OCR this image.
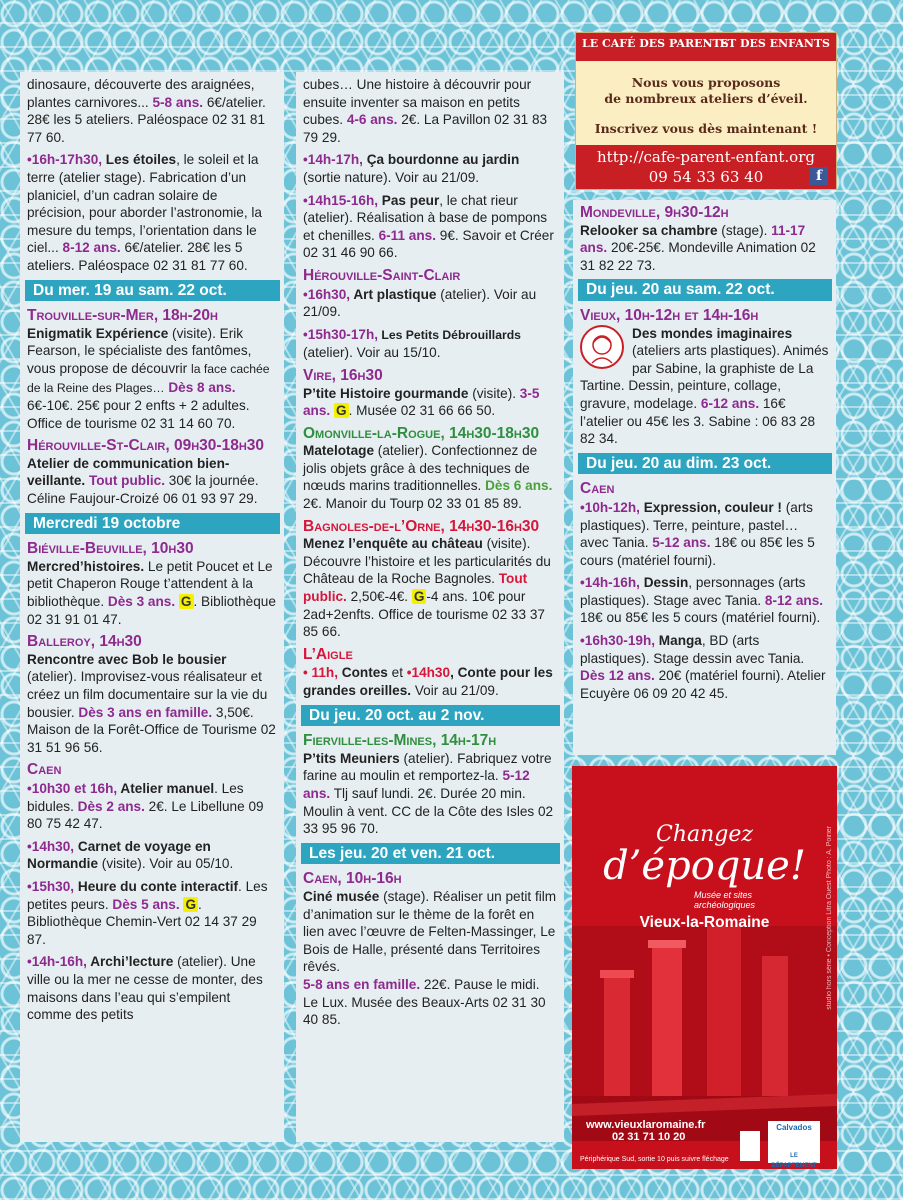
dinosaure, découverte des araignées, plantes carnivores... 5-8 ans. 6€/atelier. 28€ les 5 ateliers. Paléospace 02 31 81 77 60.

•16h-17h30, Les étoiles, le soleil et la terre (atelier stage). Fabrication d’un planiciel, d’un cadran solaire de précision, pour aborder l’astronomie, la mesure du temps, l’orientation dans le ciel... 8-12 ans. 6€/atelier. 28€ les 5 ateliers. Paléospace 02 31 81 77 60.

Du mer. 19 au sam. 22 oct.

Trouville-sur-Mer, 18h-20h
Enigmatik Expérience (visite). Erik Fearson, le spécialiste des fantômes, vous propose de découvrir la face cachée de la Reine des Plages… Dès 8 ans. 6€-10€. 25€ pour 2 enfts + 2 adultes. Office de tourisme 02 31 14 60 70.

Hérouville-St-Clair, 09h30-18h30
Atelier de communication bien-veillante. Tout public. 30€ la journée. Céline Faujour-Croizé 06 01 93 97 29.

Mercredi 19 octobre

Biéville-Beuville, 10h30
Mercred’histoires. Le petit Poucet et Le petit Chaperon Rouge t’attendent à la bibliothèque. Dès 3 ans. G . Bibliothèque 02 31 91 01 47.

Balleroy, 14h30
Rencontre avec Bob le bousier (atelier). Improvisez-vous réalisateur et créez un film documentaire sur la vie du bousier. Dès 3 ans en famille. 3,50€. Maison de la Forêt-Office de Tourisme 02 31 51 96 56.

Caen

•10h30 et 16h, Atelier manuel. Les bidules. Dès 2 ans. 2€. Le Libellune 09 80 75 42 47.

•14h30, Carnet de voyage en Normandie (visite). Voir au 05/10.

•15h30, Heure du conte interactif. Les petites peurs. Dès 5 ans. G . Bibliothèque Chemin-Vert 02 14 37 29 87.

•14h-16h, Archi’lecture (atelier). Une ville ou la mer ne cesse de monter, des maisons dans l’eau qui s’empilent comme des petits

cubes… Une histoire à découvrir pour ensuite inventer sa maison en petits cubes. 4-6 ans. 2€. La Pavillon 02 31 83 79 29.

•14h-17h, Ça bourdonne au jardin (sortie nature). Voir au 21/09.

•14h15-16h, Pas peur, le chat rieur (atelier). Réalisation à base de pompons et chenilles. 6-11 ans. 9€. Savoir et Créer 02 31 46 90 66.

Hérouville-Saint-Clair

•16h30, Art plastique (atelier). Voir au 21/09.

•15h30-17h, Les Petits Débrouillards (atelier). Voir au 15/10.

Vire, 16h30
P’tite Histoire gourmande (visite). 3-5 ans. G . Musée 02 31 66 66 50.

Omonville-la-Rogue, 14h30-18h30
Matelotage (atelier). Confectionnez de jolis objets grâce à des techniques de nœuds marins traditionnelles. Dès 6 ans. 2€. Manoir du Tourp 02 33 01 85 89.

Bagnoles-de-l’Orne, 14h30-16h30
Menez l’enquête au château (visite). Découvre l’histoire et les particularités du Château de la Roche Bagnoles. Tout public. 2,50€-4€. G -4 ans. 10€ pour 2ad+2enfts. Office de tourisme 02 33 37 85 66.

L’Aigle

• 11h, Contes et •14h30, Conte pour les grandes oreilles. Voir au 21/09.

Du jeu. 20 oct. au 2 nov.

Fierville-les-Mines, 14h-17h
P’tits Meuniers (atelier). Fabriquez votre farine au moulin et remportez-la. 5-12 ans. Tlj sauf lundi. 2€. Durée 20 min. Moulin à vent. CC de la Côte des Isles 02 33 95 96 70.

Les jeu. 20 et ven. 21 oct.

Caen, 10h-16h
Ciné musée (stage). Réaliser un petit film d’animation sur le thème de la forêt en lien avec l’œuvre de Felten-Massinger, Le Bois de Halle, présenté dans Territoires rêvés.
5-8 ans en famille. 22€. Pause le midi. Le Lux. Musée des Beaux-Arts 02 31 30 40 85.

Mondeville, 9h30-12h
Relooker sa chambre (stage). 11-17 ans. 20€-25€. Mondeville Animation 02 31 82 22 73.

Du jeu. 20 au sam. 22 oct.

Vieux, 10h-12h et 14h-16h

Des mondes imaginaires (ateliers arts plastiques). Animés par Sabine, la graphiste de La Tartine. Dessin, peinture, collage, gravure, modelage. 6-12 ans. 16€ l’atelier ou 45€ les 3. Sabine : 06 83 28 82 34.

Du jeu. 20 au dim. 23 oct.

Caen

•10h-12h, Expression, couleur ! (arts plastiques). Terre, peinture, pastel… avec Tania. 5-12 ans. 18€ ou 85€ les 5 cours (matériel fourni).

•14h-16h, Dessin, personnages (arts plastiques). Stage avec Tania. 8-12 ans. 18€ ou 85€ les 5 cours (matériel fourni).

•16h30-19h, Manga, BD (arts plastiques). Stage dessin avec Tania. Dès 12 ans. 20€ (matériel fourni). Atelier Ecuyère 06 09 20 42 45.

LE CAFÉ DES PARENTS
ET DES ENFANTS
Nous vous proposons
de nombreux ateliers d’éveil.
Inscrivez vous dès maintenant !
http://cafe-parent-enfant.org
09 54 33 63 40	f
Changez
d’époque!
Musée et sites
archéologiques
Vieux-la-Romaine	studio hors série • Conception Litra Ouest Photo : A. Poirier
www.vieuxlaromaine.fr
02 31 71 10 20
Périphérique Sud, sortie 10 puis suivre fléchage
Calvados
LE DÉPARTEMENT
